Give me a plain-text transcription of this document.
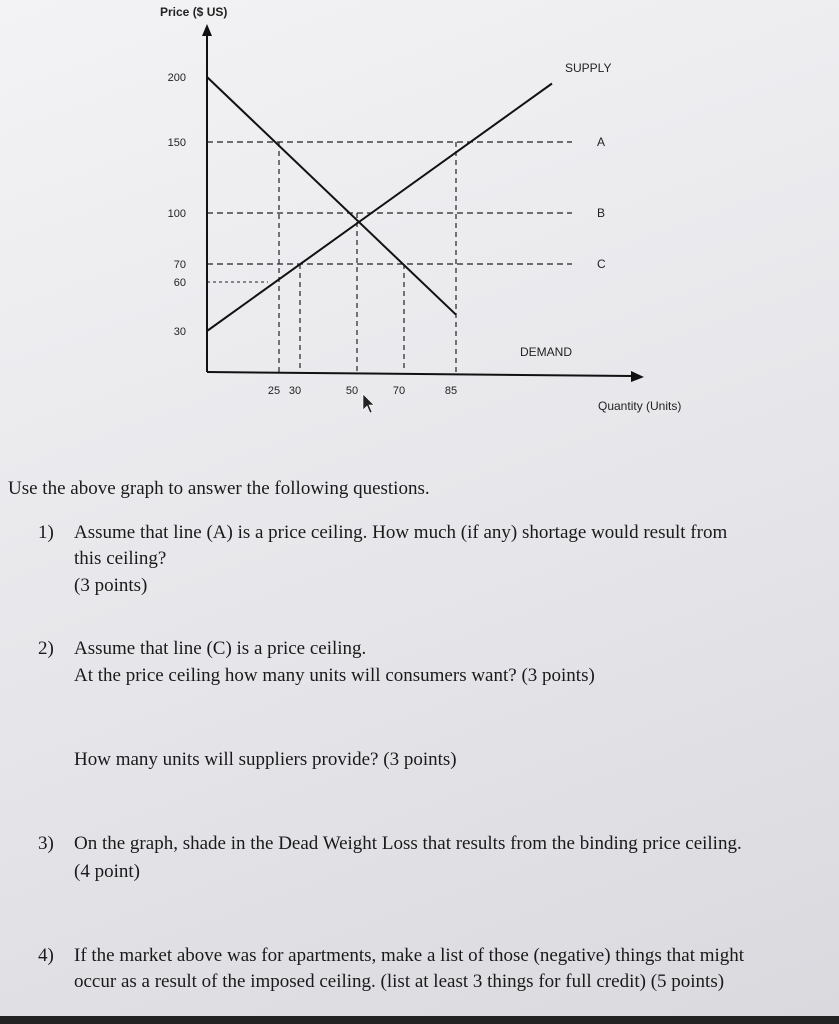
A
B
C
200
150
100
70
60
30
25 30	50	70	85
Price ($ US)
Quantity (Units)
SUPPLY
DEMAND
Use the above graph to answer the following questions.
1)	Assume that line (A) is a price ceiling. How much (if any) shortage would result from
this ceiling?
(3 points)
2)	Assume that line (C) is a price ceiling.
At the price ceiling how many units will consumers want? (3 points)
How many units will suppliers provide? (3 points)
3)	On the graph, shade in the Dead Weight Loss that results from the binding price ceiling.
(4 point)
4)	If the market above was for apartments, make a list of those (negative) things that might
occur as a result of the imposed ceiling. (list at least 3 things for full credit) (5 points)
